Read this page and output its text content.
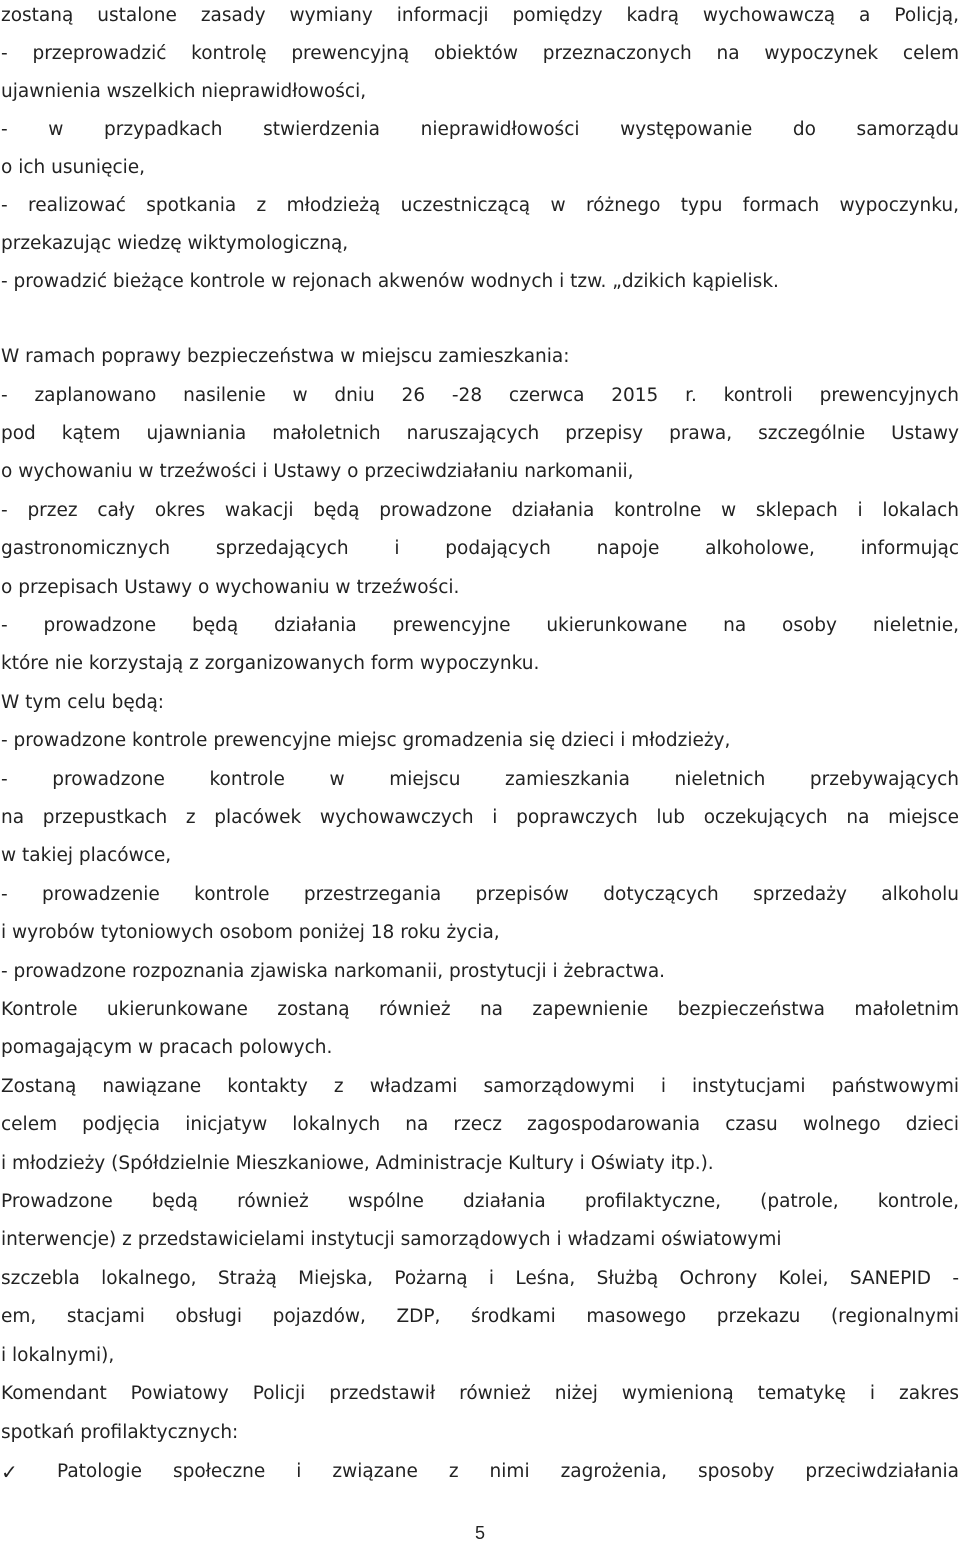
zostaną ustalone zasady wymiany informacji pomiędzy kadrą wychowawczą a Policją,
- przeprowadzić kontrolę prewencyjną obiektów przeznaczonych na wypoczynek celem
ujawnienia wszelkich nieprawidłowości,
- w przypadkach stwierdzenia nieprawidłowości występowanie do samorządu
o ich usunięcie,
- realizować spotkania z młodzieżą uczestniczącą w różnego typu formach wypoczynku,
przekazując wiedzę wiktymologiczną,
- prowadzić bieżące kontrole w rejonach akwenów wodnych i tzw. „dzikich kąpielisk.
W ramach poprawy bezpieczeństwa w miejscu zamieszkania:
- zaplanowano nasilenie w dniu 26 -28 czerwca 2015 r. kontroli prewencyjnych
pod kątem ujawniania małoletnich naruszających przepisy prawa, szczególnie Ustawy
o wychowaniu w trzeźwości i Ustawy o przeciwdziałaniu narkomanii,
- przez cały okres wakacji będą prowadzone działania kontrolne w sklepach i lokalach
gastronomicznych sprzedających i podających napoje alkoholowe, informując
o przepisach Ustawy o wychowaniu w trzeźwości.
- prowadzone będą działania prewencyjne ukierunkowane na osoby nieletnie,
które nie korzystają z zorganizowanych form wypoczynku.
W tym celu będą:
- prowadzone kontrole prewencyjne miejsc gromadzenia się dzieci i młodzieży,
- prowadzone kontrole w miejscu zamieszkania nieletnich przebywających
na przepustkach z placówek wychowawczych i poprawczych lub oczekujących na miejsce
w takiej placówce,
- prowadzenie kontrole przestrzegania przepisów dotyczących sprzedaży alkoholu
i wyrobów tytoniowych osobom poniżej 18 roku życia,
- prowadzone rozpoznania zjawiska narkomanii, prostytucji i żebractwa.
Kontrole ukierunkowane zostaną również na zapewnienie bezpieczeństwa małoletnim
pomagającym w pracach polowych.
Zostaną nawiązane kontakty z władzami samorządowymi i instytucjami państwowymi
celem podjęcia inicjatyw lokalnych na rzecz zagospodarowania czasu wolnego dzieci
i młodzieży (Spółdzielnie Mieszkaniowe, Administracje Kultury i Oświaty itp.).
Prowadzone będą również wspólne działania profilaktyczne, (patrole, kontrole,
interwencje) z przedstawicielami instytucji samorządowych i władzami oświatowymi
szczebla lokalnego, Strażą Miejska, Pożarną i Leśna, Służbą Ochrony Kolei, SANEPID -
em, stacjami obsługi pojazdów, ZDP, środkami masowego przekazu (regionalnymi
i lokalnymi),
Komendant Powiatowy Policji przedstawił również niżej wymienioną tematykę i zakres
spotkań profilaktycznych:
✓	Patologie społeczne i związane z nimi zagrożenia, sposoby przeciwdziałania
5
